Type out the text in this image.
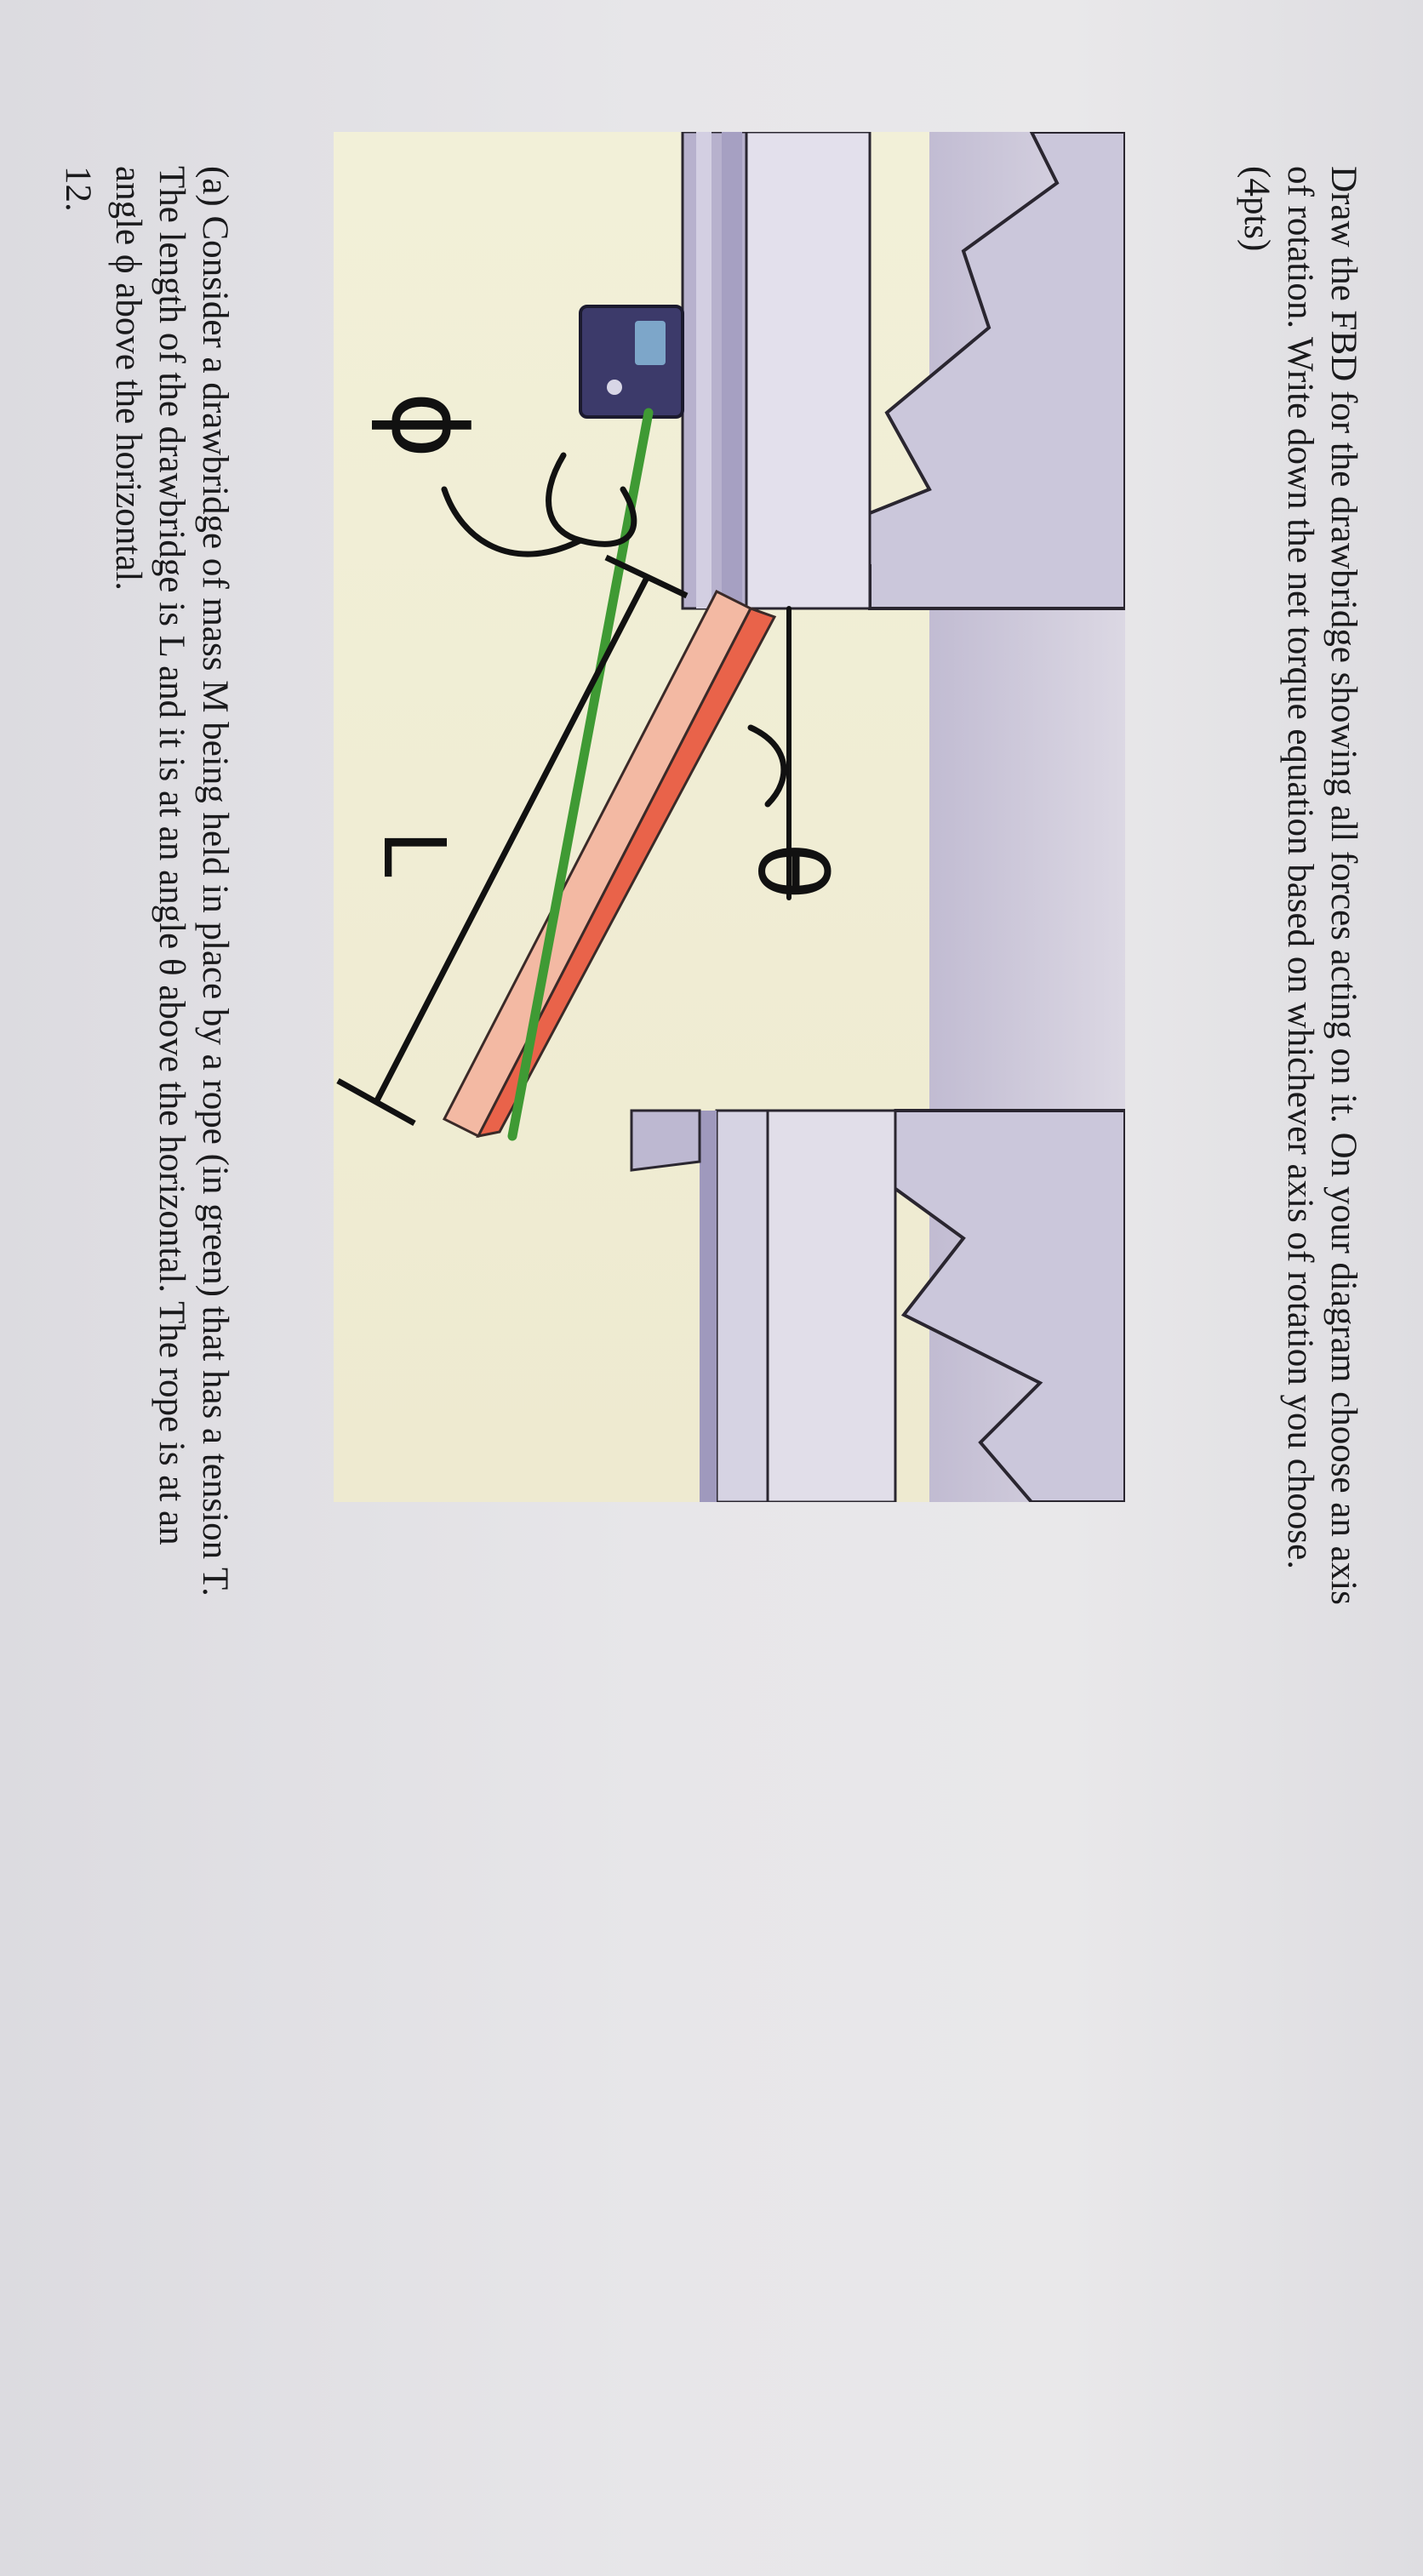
12.	(a) Consider a drawbridge of mass M being held in place by a rope (in green) that has a tension T.
The length of the drawbridge is L and it is at an angle θ above the horizontal. The rope is at an
angle ϕ above the horizontal. ϕ
L	θ	Draw the FBD for the drawbridge showing all forces acting on it. On your diagram choose an axis
of rotation. Write down the net torque equation based on whichever axis of rotation you choose.
(4pts)
